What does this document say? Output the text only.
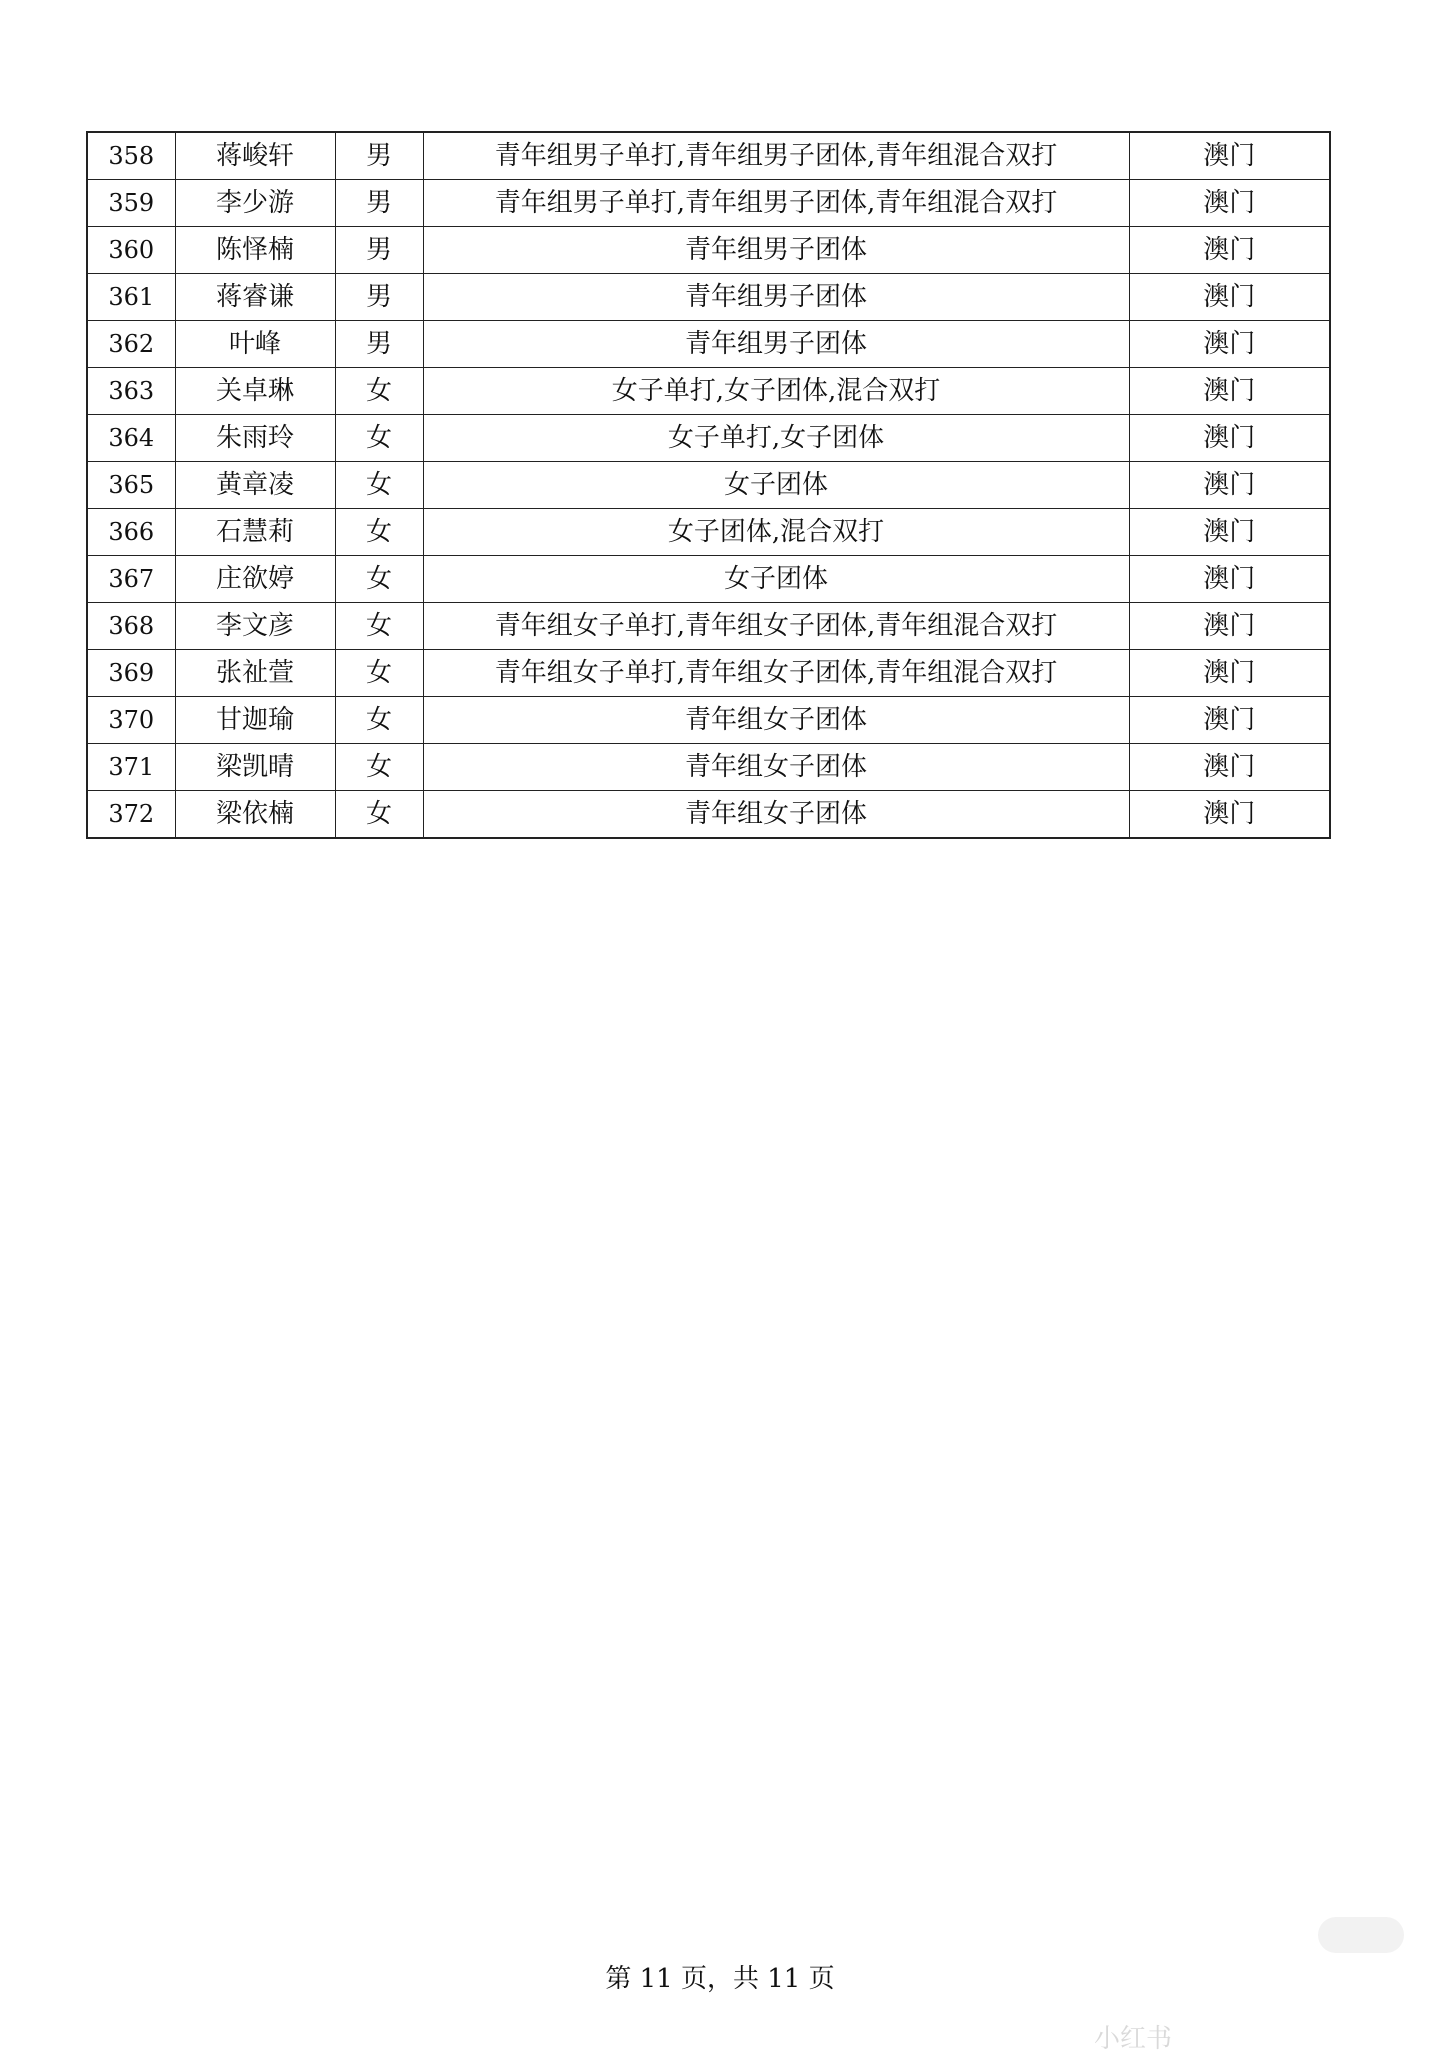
358	蒋峻轩	男	青年组男子单打,青年组男子团体,青年组混合双打	澳门
359	李少游	男	青年组男子单打,青年组男子团体,青年组混合双打	澳门
360	陈怿楠	男	青年组男子团体	澳门
361	蒋睿谦	男	青年组男子团体	澳门
362	叶峰	男	青年组男子团体	澳门
363	关卓琳	女	女子单打,女子团体,混合双打	澳门
364	朱雨玲	女	女子单打,女子团体	澳门
365	黄章凌	女	女子团体	澳门
366	石慧莉	女	女子团体,混合双打	澳门
367	庄欲婷	女	女子团体	澳门
368	李文彦	女	青年组女子单打,青年组女子团体,青年组混合双打	澳门
369	张祉萱	女	青年组女子单打,青年组女子团体,青年组混合双打	澳门
370	甘迦瑜	女	青年组女子团体	澳门
371	梁凯晴	女	青年组女子团体	澳门
372	梁依楠	女	青年组女子团体	澳门
第 11 页，共 11 页
小红书
